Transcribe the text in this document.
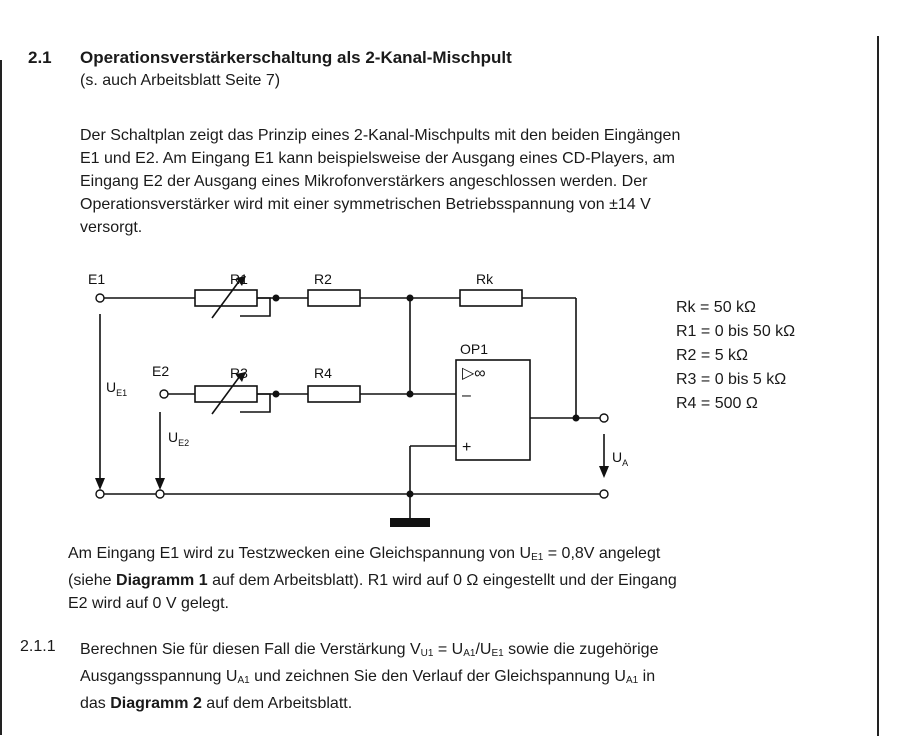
2.1 Operationsverstärkerschaltung als 2-Kanal-Mischpult
(s. auch Arbeitsblatt Seite 7)

Der Schaltplan zeigt das Prinzip eines 2-Kanal-Mischpults mit den beiden Eingängen

E1 und E2. Am Eingang E1 kann beispielsweise der Ausgang eines CD-Players, am

Eingang E2 der Ausgang eines Mikrofonverstärkers angeschlossen werden. Der

Operationsverstärker wird mit einer symmetrischen Betriebsspannung von ±14 V

versorgt.

E1	R1	R2	Rk
E2	R3	R4
OP1
▷∞
–
+
$U_{E1}$
$U_{E2}$
$U_A$
Rk = 50 kΩ
R1 = 0 bis 50 kΩ
R2 = 5 kΩ
R3 = 0 bis 5 kΩ
R4 = 500 Ω
Am Eingang E1 wird zu Testzwecken eine Gleichspannung von $U_{E1} = 0,8V$ angelegt
(siehe Diagramm 1 auf dem Arbeitsblatt). R1 wird auf 0 Ω eingestellt und der Eingang
E2 wird auf 0 V gelegt.
2.1.1 Berechnen Sie für diesen Fall die Verstärkung $V_{U1} = U_{A1}/U_{E1}$ sowie die zugehörige
Ausgangsspannung $U_{A1}$ und zeichnen Sie den Verlauf der Gleichspannung $U_{A1}$ in
das Diagramm 2 auf dem Arbeitsblatt.
